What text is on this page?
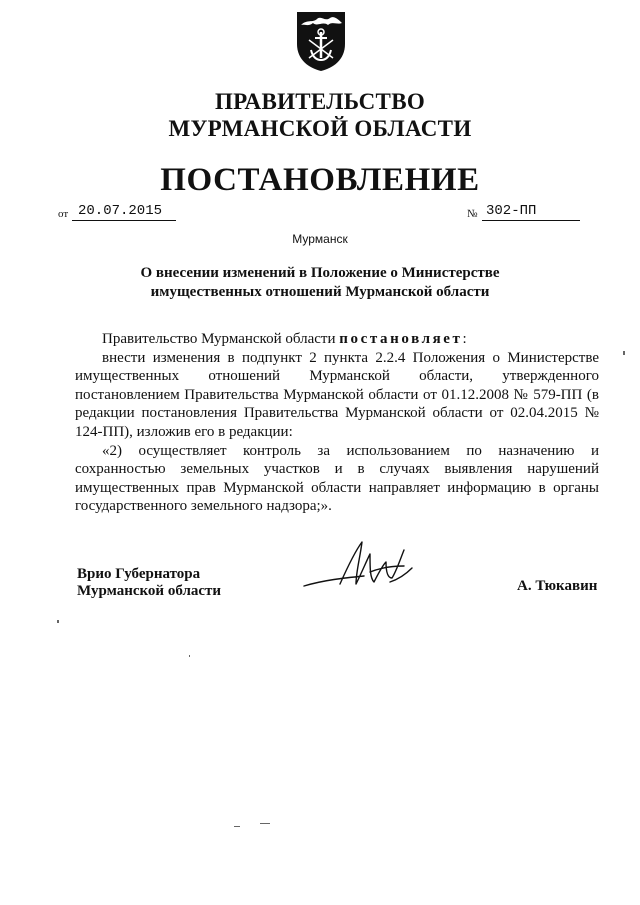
ПРАВИТЕЛЬСТВО
МУРМАНСКОЙ ОБЛАСТИ
ПОСТАНОВЛЕНИЕ
от 20.07.2015	№ 302-ПП
Мурманск
О внесении изменений в Положение о Министерстве
имущественных отношений Мурманской области

Правительство Мурманской области постановляет:

внести изменения в подпункт 2 пункта 2.2.4 Положения о Министерстве имущественных отношений Мурманской области, утвержденного постановлением Правительства Мурманской области от 01.12.2008 № 579-ПП (в редакции постановления Правительства Мурманской области от 02.04.2015 № 124-ПП), изложив его в редакции:

«2) осуществляет контроль за использованием по назначению и сохранностью земельных участков и в случаях выявления нарушений имущественных прав Мурманской области направляет информацию в органы государственного земельного надзора;».

Врио Губернатора
Мурманской области	А. Тюкавин
